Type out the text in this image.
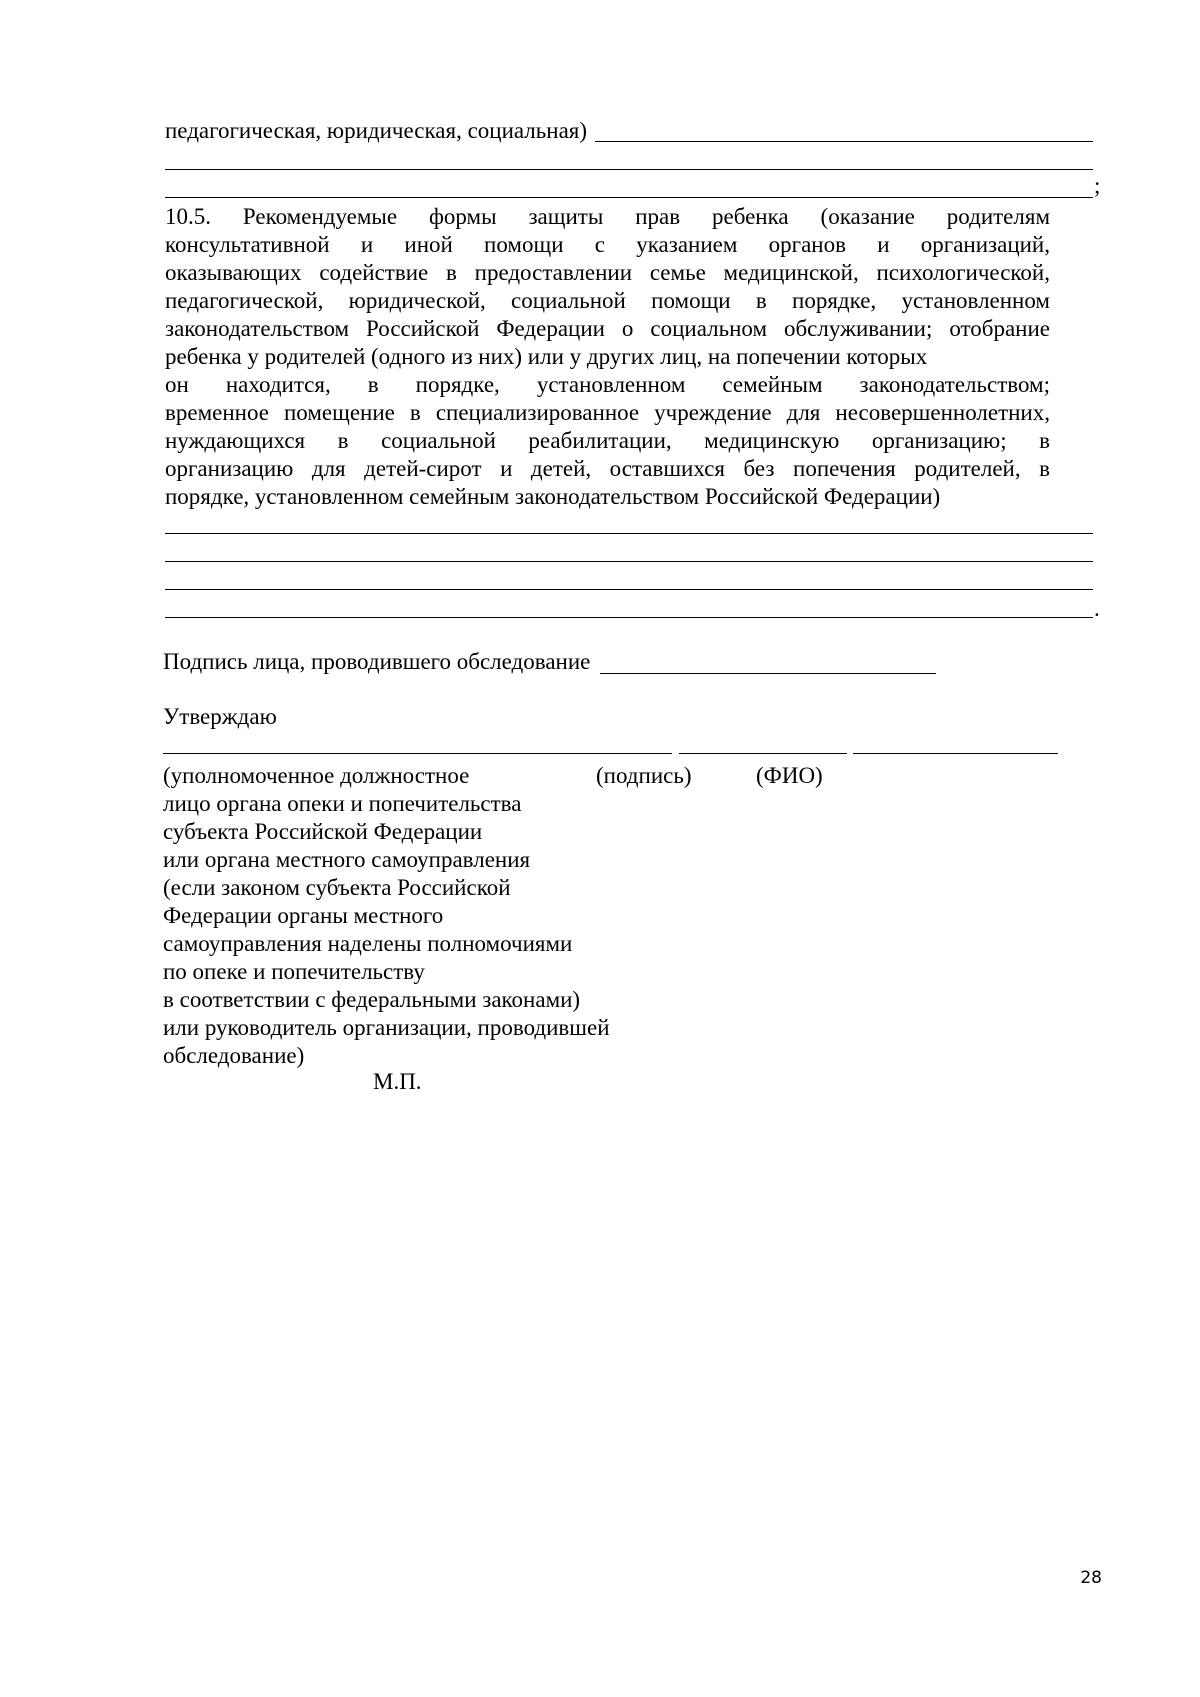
педагогическая, юридическая, социальная)
;
10.5. Рекомендуемые формы защиты прав ребенка (оказание родителям
консультативной и иной помощи с указанием органов и организаций,
оказывающих содействие в предоставлении семье медицинской, психологической,
педагогической, юридической, социальной помощи в порядке, установленном
законодательством Российской Федерации о социальном обслуживании; отобрание
ребенка у родителей (одного из них) или у других лиц, на попечении которых
он находится, в порядке, установленном семейным законодательством;
временное помещение в специализированное учреждение для несовершеннолетних,
нуждающихся в социальной реабилитации, медицинскую организацию; в
организацию для детей-сирот и детей, оставшихся без попечения родителей, в
порядке, установленном семейным законодательством Российской Федерации)
.
Подпись лица, проводившего обследование
Утверждаю
(уполномоченное должностное
лицо органа опеки и попечительства
субъекта Российской Федерации
или органа местного самоуправления
(если законом субъекта Российской
Федерации органы местного
самоуправления наделены полномочиями
по опеке и попечительству
в соответствии с федеральными законами)
или руководитель организации, проводившей
обследование)
(подпись)	(ФИО)
М.П.
28
